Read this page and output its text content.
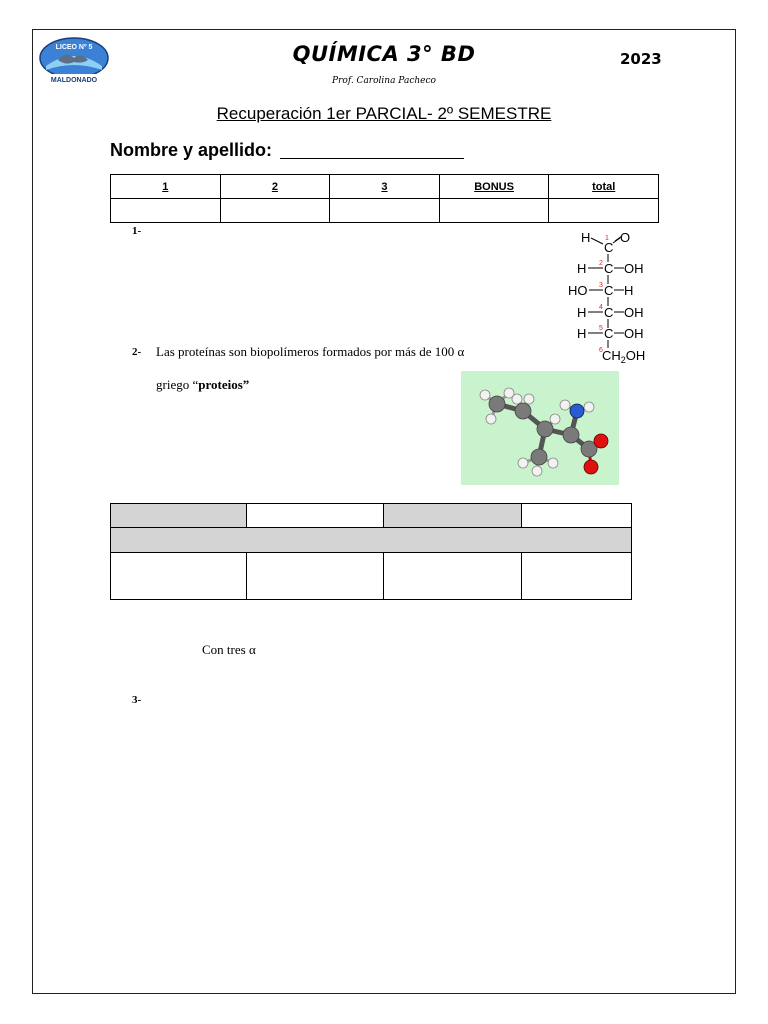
LICEO Nº 5
MALDONADO
QUÍMICA 3° BD	2023
Prof. Carolina Pacheco
Recuperación 1er PARCIAL- 2º SEMESTRE
Nombre y apellido:
1	2	3	BONUS	total

1-	H
C
O
H C OH
HO C H
H C OH
H C OH
$CH_2OH$
1
2
3
4
5
6
2- Las proteínas son biopolímeros formados por más de 100 α
griego “proteios”

Con tres α
3-
